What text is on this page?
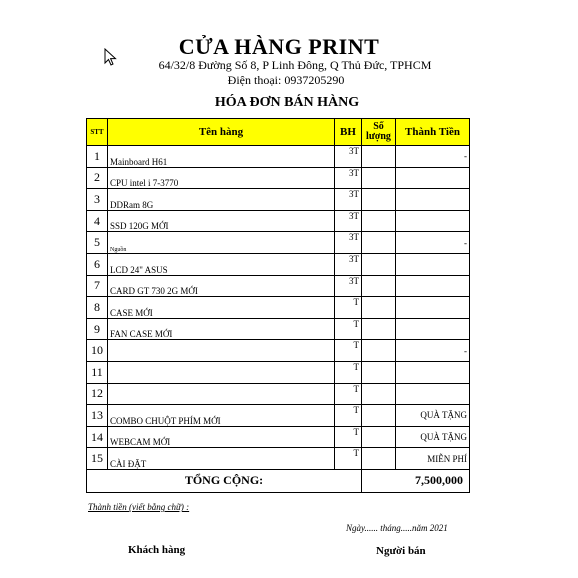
CỬA HÀNG PRINT
64/32/8 Đường Số 8, P Linh Đông, Q Thủ Đức, TPHCM
Điện thoại: 0937205290
HÓA ĐƠN BÁN HÀNG
STT	Tên hàng	BH	Số lượng	Thành Tiền
1	Mainboard H61	3T		-
2	CPU intel i 7-3770	3T		
3	DDRam 8G	3T		
4	SSD 120G MỚI	3T		
5	Nguồn	3T		-
6	LCD 24" ASUS	3T		
7	CARD GT 730 2G MỚI	3T		
8	CASE MỚI	T		
9	FAN CASE MỚI	T		
10		T		-
11		T		
12		T		
13	COMBO CHUỘT PHÍM MỚI	T		QUÀ TẶNG
14	WEBCAM MỚI	T		QUÀ TẶNG
15	CÀI ĐẶT	T		MIỄN PHÍ
TỔNG CỘNG:			7,500,000	
Thành tiền (viết bằng chữ) :
Ngày...... tháng.....năm 2021
Khách hàng	Người bán
